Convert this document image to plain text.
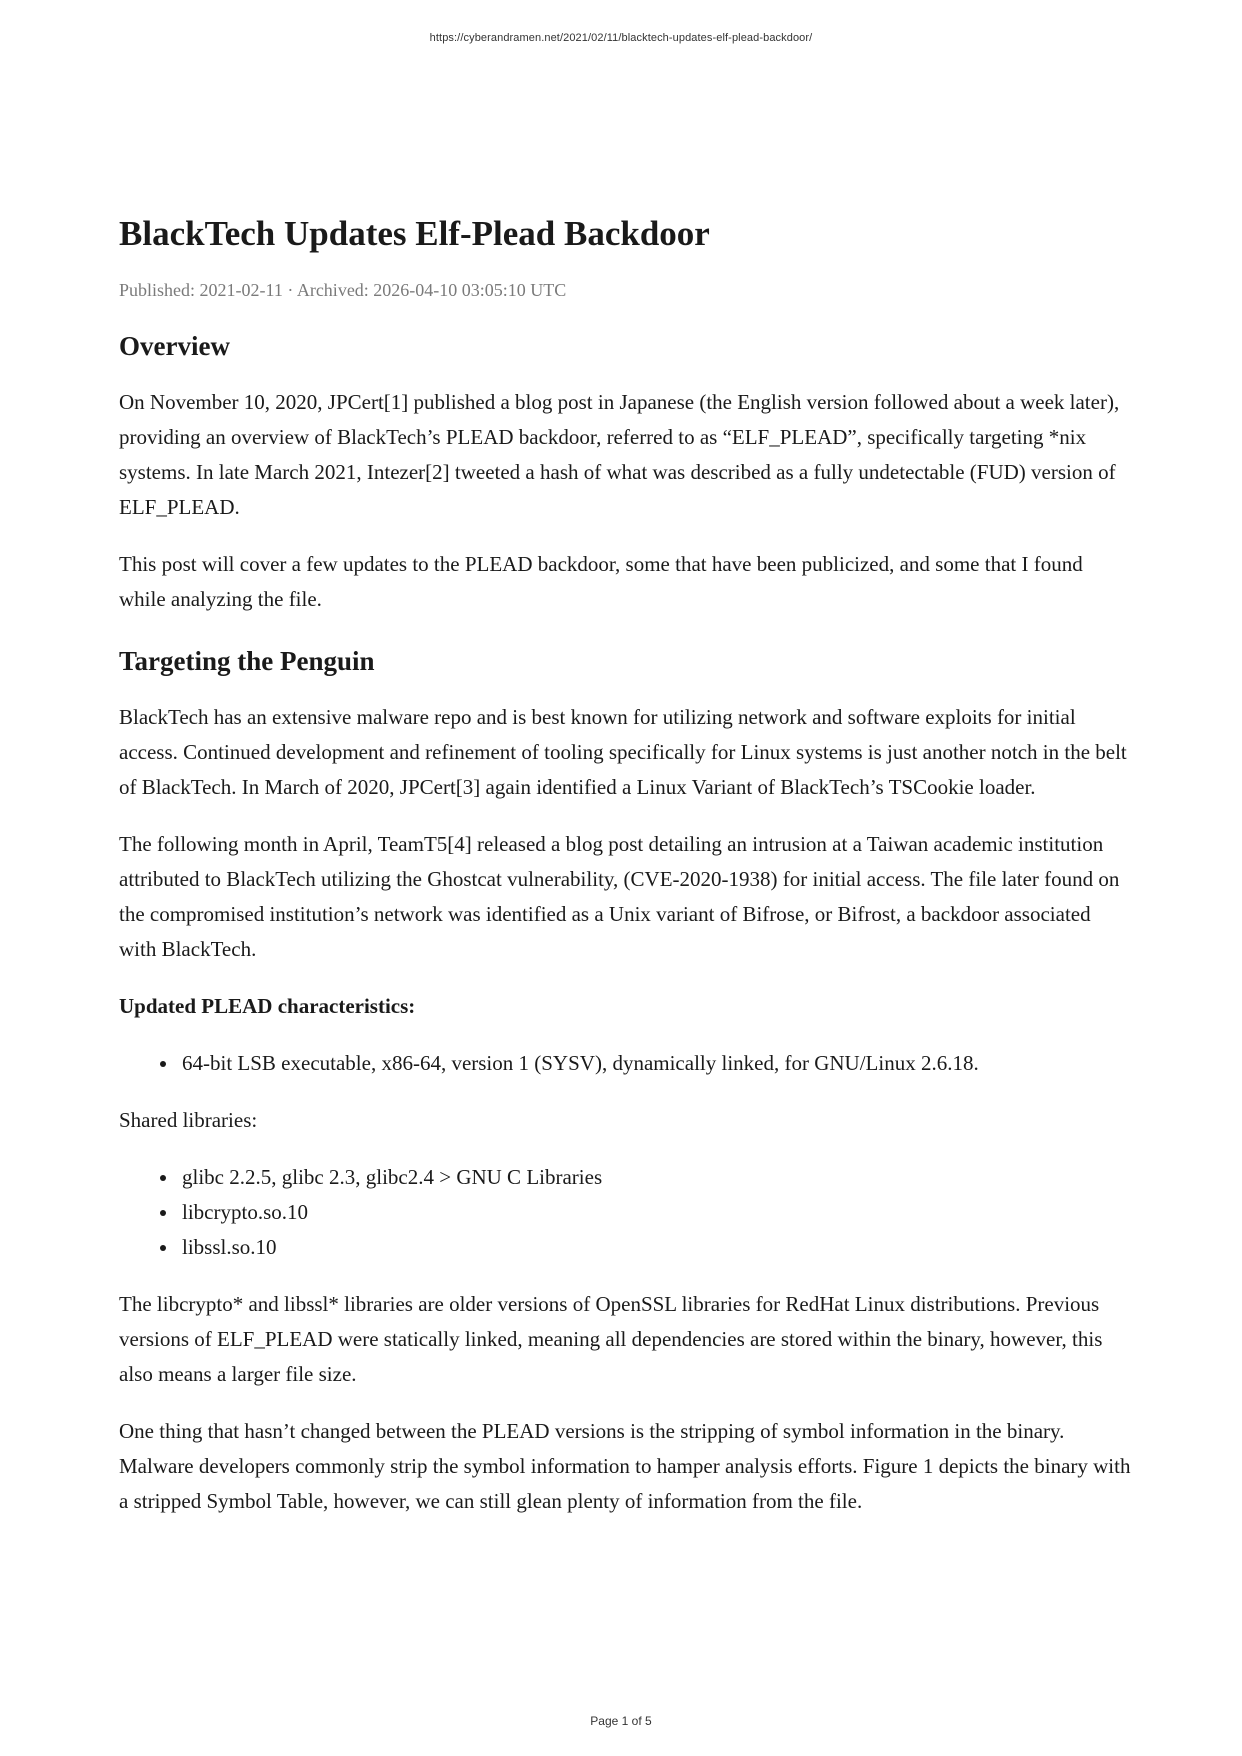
https://cyberandramen.net/2021/02/11/blacktech-updates-elf-plead-backdoor/
BlackTech Updates Elf-Plead Backdoor
Published: 2021-02-11 · Archived: 2026-04-10 03:05:10 UTC
Overview

On November 10, 2020, JPCert[1] published a blog post in Japanese (the English version followed about a week later), providing an overview of BlackTech’s PLEAD backdoor, referred to as “ELF_PLEAD”, specifically targeting *nix systems. In late March 2021, Intezer[2] tweeted a hash of what was described as a fully undetectable (FUD) version of ELF_PLEAD.

This post will cover a few updates to the PLEAD backdoor, some that have been publicized, and some that I found while analyzing the file.

Targeting the Penguin

BlackTech has an extensive malware repo and is best known for utilizing network and software exploits for initial access. Continued development and refinement of tooling specifically for Linux systems is just another notch in the belt of BlackTech. In March of 2020, JPCert[3] again identified a Linux Variant of BlackTech’s TSCookie loader.

The following month in April, TeamT5[4] released a blog post detailing an intrusion at a Taiwan academic institution attributed to BlackTech utilizing the Ghostcat vulnerability, (CVE-2020-1938) for initial access. The file later found on the compromised institution’s network was identified as a Unix variant of Bifrose, or Bifrost, a backdoor associated with BlackTech.

Updated PLEAD characteristics:

64-bit LSB executable, x86-64, version 1 (SYSV), dynamically linked, for GNU/Linux 2.6.18.

Shared libraries:

glibc 2.2.5, glibc 2.3, glibc2.4 > GNU C Libraries
libcrypto.so.10
libssl.so.10

The libcrypto* and libssl* libraries are older versions of OpenSSL libraries for RedHat Linux distributions. Previous versions of ELF_PLEAD were statically linked, meaning all dependencies are stored within the binary, however, this also means a larger file size.

One thing that hasn’t changed between the PLEAD versions is the stripping of symbol information in the binary. Malware developers commonly strip the symbol information to hamper analysis efforts. Figure 1 depicts the binary with a stripped Symbol Table, however, we can still glean plenty of information from the file.

Page 1 of 5
